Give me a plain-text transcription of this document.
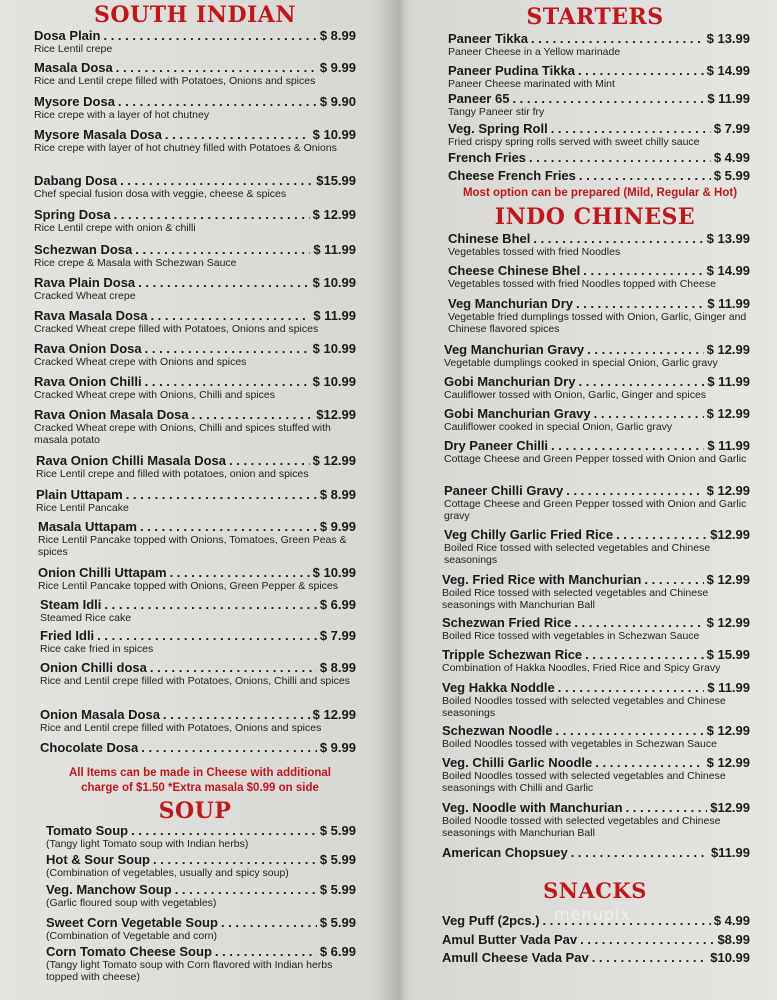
SOUTH INDIAN
Dosa Plain . . .	$ 8.99
Rice Lentil crepe
Masala Dosa . . .	$ 9.99
Rice and Lentil crepe filled with Potatoes, Onions and spices
Mysore Dosa . . .	$ 9.90
Rice crepe with a layer of hot chutney
Mysore Masala Dosa . . .	$ 10.99
Rice crepe with layer of hot chutney filled with Potatoes & Onions
Dabang Dosa . . .	$15.99
Chef special fusion dosa with veggie, cheese & spices
Spring Dosa . . .	$ 12.99
Rice Lentil crepe with onion & chilli
Schezwan Dosa . . .	$ 11.99
Rice crepe & Masala with Schezwan Sauce
Rava Plain Dosa . . .	$ 10.99
Cracked Wheat crepe
Rava Masala Dosa . . .	$ 11.99
Cracked Wheat crepe filled with Potatoes, Onions and spices
Rava Onion Dosa . . .	$ 10.99
Cracked Wheat crepe with Onions and spices
Rava Onion Chilli . . .	$ 10.99
Cracked Wheat crepe with Onions, Chilli and spices
Rava Onion Masala Dosa . . .	$12.99
Cracked Wheat crepe with Onions, Chilli and spices stuffed with masala potato
Rava Onion Chilli Masala Dosa . . .	$ 12.99
Rice Lentil crepe and filled with potatoes, onion and spices
Plain Uttapam . . .	$ 8.99
Rice Lentil Pancake
Masala Uttapam . . .	$ 9.99
Rice Lentil Pancake topped with Onions, Tomatoes, Green Peas & spices
Onion Chilli Uttapam . . .	$ 10.99
Rice Lentil Pancake topped with Onions, Green Pepper & spices
Steam Idli . . .	$ 6.99
Steamed Rice cake
Fried Idli . . .	$ 7.99
Rice cake fried in spices
Onion Chilli dosa . . .	$ 8.99
Rice and Lentil crepe filled with Potatoes, Onions, Chilli and spices
Onion Masala Dosa . . .	$ 12.99
Rice and Lentil crepe filled with Potatoes, Onions and spices
Chocolate Dosa . . .	$ 9.99
All Items can be made in Cheese with additional
charge of $1.50 *Extra masala $0.99 on side
SOUP
Tomato Soup . . .	$ 5.99
(Tangy light Tomato soup with Indian herbs)
Hot & Sour Soup . . .	$ 5.99
(Combination of vegetables, usually and spicy soup)
Veg. Manchow Soup . . .	$ 5.99
(Garlic floured soup with vegetables)
Sweet Corn Vegetable Soup . . .	$ 5.99
(Combination of Vegetable and corn)
Corn Tomato Cheese Soup . . .	$ 6.99
(Tangy light Tomato soup with Corn flavored with Indian herbs topped with cheese)
STARTERS
Paneer Tikka . . .	$ 13.99
Paneer Cheese in a Yellow marinade
Paneer Pudina Tikka . . .	$ 14.99
Paneer Cheese marinated with Mint
Paneer 65 . . .	$ 11.99
Tangy Paneer stir fry
Veg. Spring Roll . . .	$ 7.99
Fried crispy spring rolls served with sweet chilly sauce
French Fries . . .	$ 4.99
Cheese French Fries . . .	$ 5.99
Most option can be prepared (Mild, Regular & Hot)
INDO CHINESE
Chinese Bhel . . .	$ 13.99
Vegetables tossed with fried Noodles
Cheese Chinese Bhel . . .	$ 14.99
Vegetables tossed with fried Noodles topped with Cheese
Veg Manchurian Dry . . .	$ 11.99
Vegetable fried dumplings tossed with Onion, Garlic, Ginger and Chinese flavored spices
Veg Manchurian Gravy . . .	$ 12.99
Vegetable dumplings cooked in special Onion, Garlic gravy
Gobi Manchurian Dry . . .	$ 11.99
Cauliflower tossed with Onion, Garlic, Ginger and spices
Gobi Manchurian Gravy . . .	$ 12.99
Cauliflower cooked in special Onion, Garlic gravy
Dry Paneer Chilli . . .	$ 11.99
Cottage Cheese and Green Pepper tossed with Onion and Garlic
Paneer Chilli Gravy . . .	$ 12.99
Cottage Cheese and Green Pepper tossed with Onion and Garlic gravy
Veg Chilly Garlic Fried Rice . . .	$12.99
Boiled Rice tossed with selected vegetables and Chinese seasonings
Veg. Fried Rice with Manchurian . . .	$ 12.99
Boiled Rice tossed with selected vegetables and Chinese seasonings with Manchurian Ball
Schezwan Fried Rice . . .	$ 12.99
Boiled Rice tossed with vegetables in Schezwan Sauce
Tripple Schezwan Rice . . .	$ 15.99
Combination of Hakka Noodles, Fried Rice and Spicy Gravy
Veg Hakka Noddle . . .	$ 11.99
Boiled Noodles tossed with selected vegetables and Chinese seasonings
Schezwan Noodle . . .	$ 12.99
Boiled Noodles tossed with vegetables in Schezwan Sauce
Veg. Chilli Garlic Noodle . . .	$ 12.99
Boiled Noodles tossed with selected vegetables and Chinese seasonings with Chilli and Garlic
Veg. Noodle with Manchurian . . .	$12.99
Boiled Noodle tossed with selected vegetables and Chinese seasonings with Manchurian Ball
American Chopsuey . . .	$11.99
SNACKS
Veg Puff (2pcs.) . . .	$ 4.99
Amul Butter Vada Pav . . .	$8.99
Amull Cheese Vada Pav . . .	$10.99
menupix
